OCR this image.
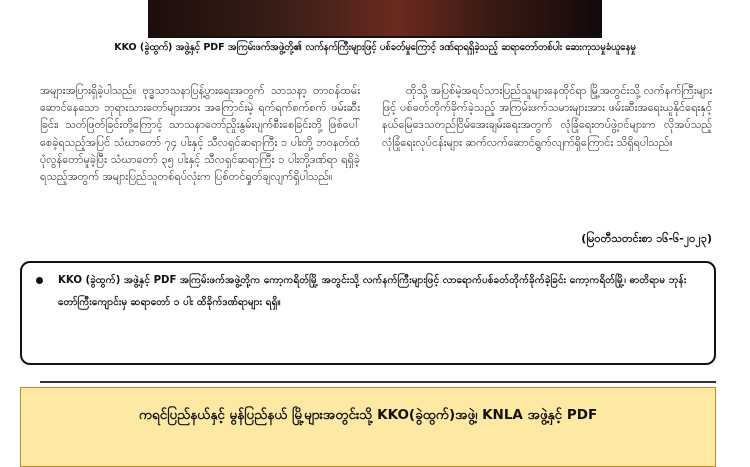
KKO (ခွဲထွက်) အဖွဲ့နှင့် PDF အကြမ်းဖက်အဖွဲ့တို့၏ လက်နက်ကြီးများဖြင့် ပစ်ခတ်မှုကြောင့် ဒဏ်ရာရရှိခဲ့သည့် ဆရာတော်တစ်ပါး ဆေးကုသမှုခံယူနေမှု
အများအပြားရှိခဲ့ပါသည်။ ဗုဒ္ဓသာသနာပြန့်ပွားရေးအတွက် သာသနာ့ တာဝန်ထမ်းဆောင်နေသော ဘုရားသားတော်များအား အကြောင်းမဲ့ ရက်ရက်စက်စက် ဖမ်းဆီးခြင်း၊ သတ်ဖြတ်ခြင်းတို့ကြောင့် သာသနာတော်ညှိုးနွမ်းပျက်စီးစေခြင်းတို့ ဖြစ်ပေါ်စေခဲ့ရသည့်အပြင် သံဃာတော် ၇၄ ပါးနှင့် သီလရှင်ဆရာကြီး ၁ ပါးတို့ ဘဝနတ်ထံပုံလွန်တော်မူခဲ့ပြီး သံဃာတော် ၃၅ ပါးနှင့် သီလရှင်ဆရာကြီး ၁ ပါးတို့ဒဏ်ရာ ရရှိခဲ့ရသည့်အတွက် အများပြည်သူတစ်ရပ်လုံးက ပြစ်တင်ရှုတ်ချလျက်ရှိပါသည်။
ထိုသို့ အပြစ်မဲ့အရပ်သားပြည်သူများနေထိုင်ရာ မြို့အတွင်းသို့ လက်နက်ကြီးများဖြင့် ပစ်ခတ်တိုက်ခိုက်ခဲ့သည့် အကြမ်းဖက်သမားများအား ဖမ်းဆီးအရေးယူနိုင်ရေးနှင့် နယ်မြေဒေသတည်ငြိမ်အေးချမ်းရေးအတွက် လုံခြုံရေးတပ်ဖွဲ့ဝင်များက လိုအပ်သည့် လုံခြုံရေးလုပ်ငန်းများ ဆက်လက်ဆောင်ရွက်လျက်ရှိကြောင်း သိရှိရပါသည်။
(မြဝတီသတင်းစာ ၁၆-၆-၂၀၂၃)
KKO (ခွဲထွက်) အဖွဲ့နှင့် PDF အကြမ်းဖက်အဖွဲ့တို့က ကော့ကရိတ်မြို့ အတွင်းသို့ လက်နက်ကြီးများဖြင့် လာရောက်ပစ်ခတ်တိုက်ခိုက်ခဲ့ခြင်း ကော့ကရိတ်မြို့၊ ဓာတိရာမ ဘုန်းတော်ကြီးကျောင်းမှ ဆရာတော် ၁ ပါး ထိခိုက်ဒဏ်ရာများ ရရှိ။
ကရင်ပြည်နယ်နှင့် မွန်ပြည်နယ် မြို့များအတွင်းသို့ KKO(ခွဲထွက်)အဖွဲ့၊ KNLA အဖွဲ့နှင့် PDF
